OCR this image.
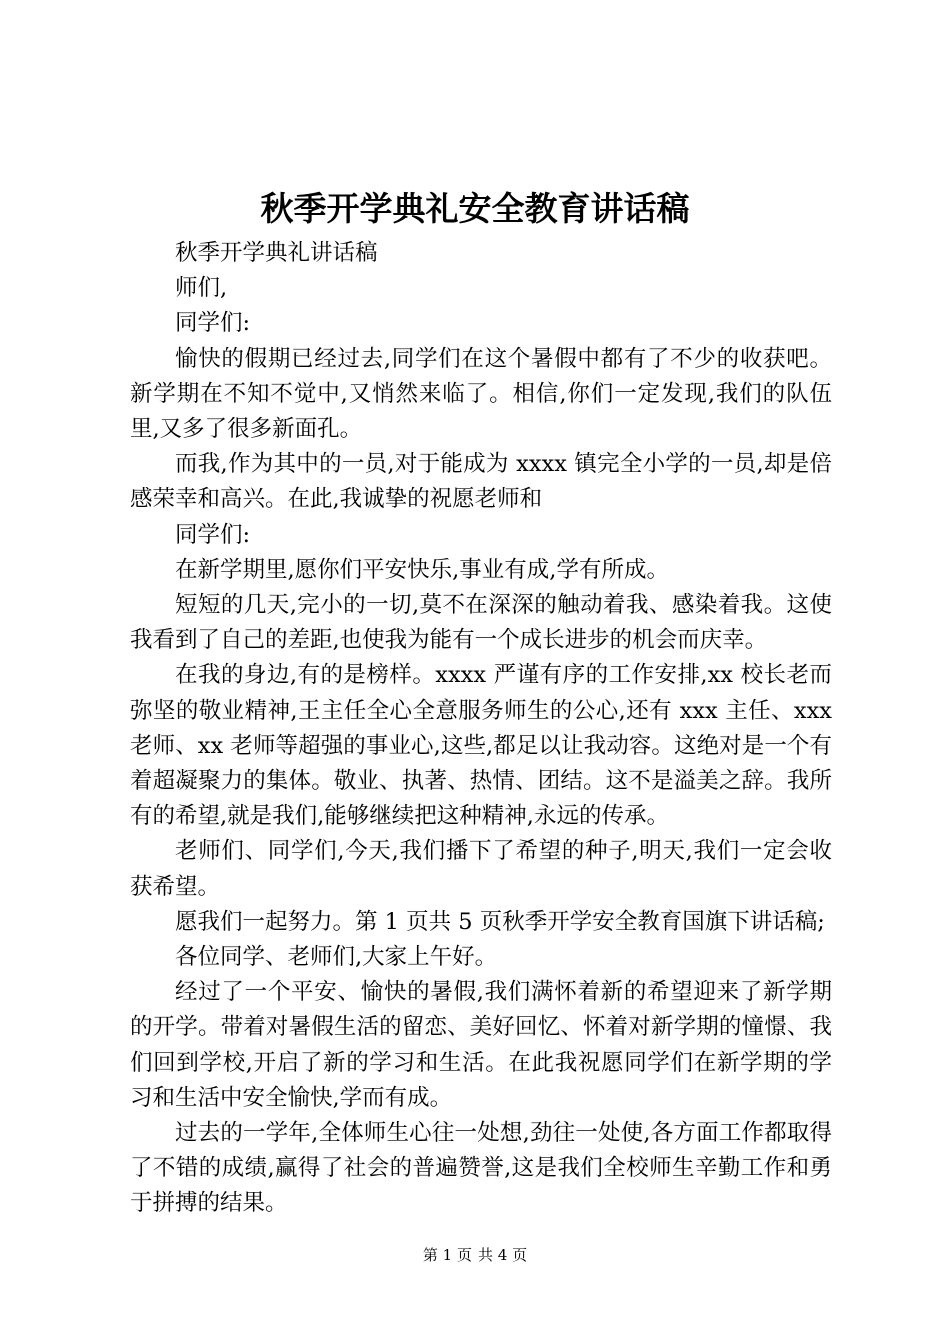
秋季开学典礼安全教育讲话稿

秋季开学典礼讲话稿

师们,

同学们:

愉快的假期已经过去,同学们在这个暑假中都有了不少的收获吧。新学期在不知不觉中,又悄然来临了。相信,你们一定发现,我们的队伍里,又多了很多新面孔。

而我,作为其中的一员,对于能成为 xxxx 镇完全小学的一员,却是倍感荣幸和高兴。在此,我诚挚的祝愿老师和

同学们:

在新学期里,愿你们平安快乐,事业有成,学有所成。

短短的几天,完小的一切,莫不在深深的触动着我、感染着我。这使我看到了自己的差距,也使我为能有一个成长进步的机会而庆幸。

在我的身边,有的是榜样。xxxx 严谨有序的工作安排,xx 校长老而弥坚的敬业精神,王主任全心全意服务师生的公心,还有 xxx 主任、xxx 老师、xx 老师等超强的事业心,这些,都足以让我动容。这绝对是一个有着超凝聚力的集体。敬业、执著、热情、团结。这不是溢美之辞。我所有的希望,就是我们,能够继续把这种精神,永远的传承。

老师们、同学们,今天,我们播下了希望的种子,明天,我们一定会收获希望。

愿我们一起努力。第 1 页共 5 页秋季开学安全教育国旗下讲话稿;

各位同学、老师们,大家上午好。

经过了一个平安、愉快的暑假,我们满怀着新的希望迎来了新学期的开学。带着对暑假生活的留恋、美好回忆、怀着对新学期的憧憬、我们回到学校,开启了新的学习和生活。在此我祝愿同学们在新学期的学习和生活中安全愉快,学而有成。

过去的一学年,全体师生心往一处想,劲往一处使,各方面工作都取得了不错的成绩,赢得了社会的普遍赞誉,这是我们全校师生辛勤工作和勇于拼搏的结果。

第 1 页 共 4 页
